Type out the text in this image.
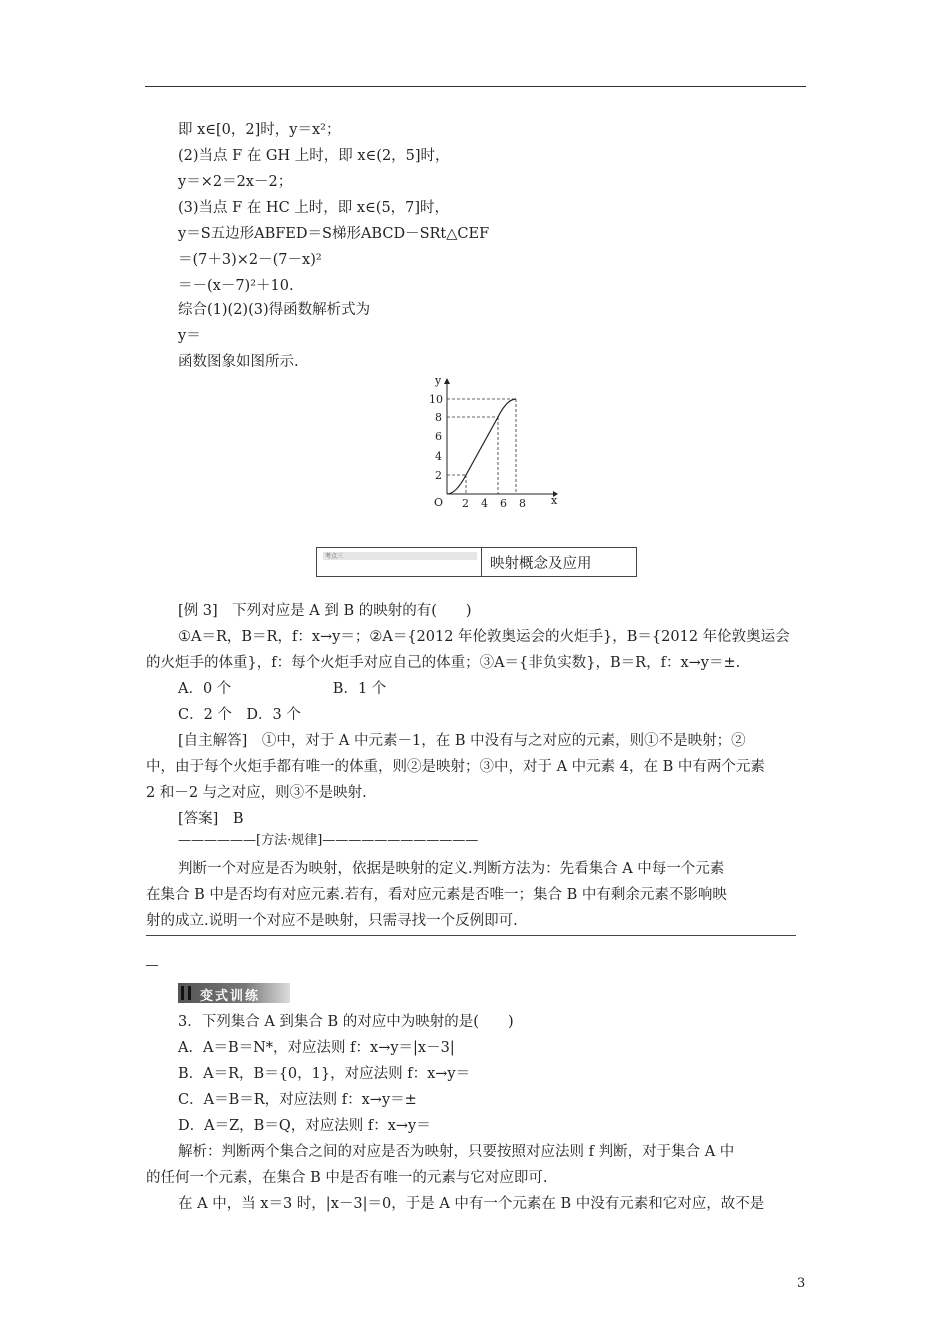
即 x∈[0，2]时，y＝x²；
(2)当点 F 在 GH 上时，即 x∈(2，5]时，
y＝×2＝2x－2；
(3)当点 F 在 HC 上时，即 x∈(5，7]时，
y＝S五边形ABFED＝S梯形ABCD－SRt△CEF
＝(7＋3)×2－(7－x)²
＝－(x－7)²＋10.
综合(1)(2)(3)得函数解析式为
y＝
函数图象如图所示.
y
x
O
10
8
6
4
2
2 4 6 8
考点三	映射概念及应用
[例 3]　下列对应是 A 到 B 的映射的有(　　)
①A＝R，B＝R，f：x→y＝；②A＝{2012 年伦敦奥运会的火炬手}，B＝{2012 年伦敦奥运会
的火炬手的体重}，f：每个火炬手对应自己的体重；③A＝{非负实数}，B＝R，f：x→y＝±.
A．0 个　　　　　　　B．1 个
C．2 个　D．3 个
[自主解答]　①中，对于 A 中元素－1，在 B 中没有与之对应的元素，则①不是映射；②
中，由于每个火炬手都有唯一的体重，则②是映射；③中，对于 A 中元素 4，在 B 中有两个元素
2 和－2 与之对应，则③不是映射.
[答案]　B
——————[方法·规律]————————————
判断一个对应是否为映射，依据是映射的定义.判断方法为：先看集合 A 中每一个元素
在集合 B 中是否均有对应元素.若有，看对应元素是否唯一；集合 B 中有剩余元素不影响映
射的成立.说明一个对应不是映射，只需寻找一个反例即可.
变式训练
3．下列集合 A 到集合 B 的对应中为映射的是(　　)
A．A＝B＝N*，对应法则 f：x→y＝|x－3|
B．A＝R，B＝{0，1}，对应法则 f：x→y＝
C．A＝B＝R，对应法则 f：x→y＝±
D．A＝Z，B＝Q，对应法则 f：x→y＝
解析：判断两个集合之间的对应是否为映射，只要按照对应法则 f 判断，对于集合 A 中
的任何一个元素，在集合 B 中是否有唯一的元素与它对应即可.
在 A 中，当 x＝3 时，|x－3|＝0，于是 A 中有一个元素在 B 中没有元素和它对应，故不是
3
